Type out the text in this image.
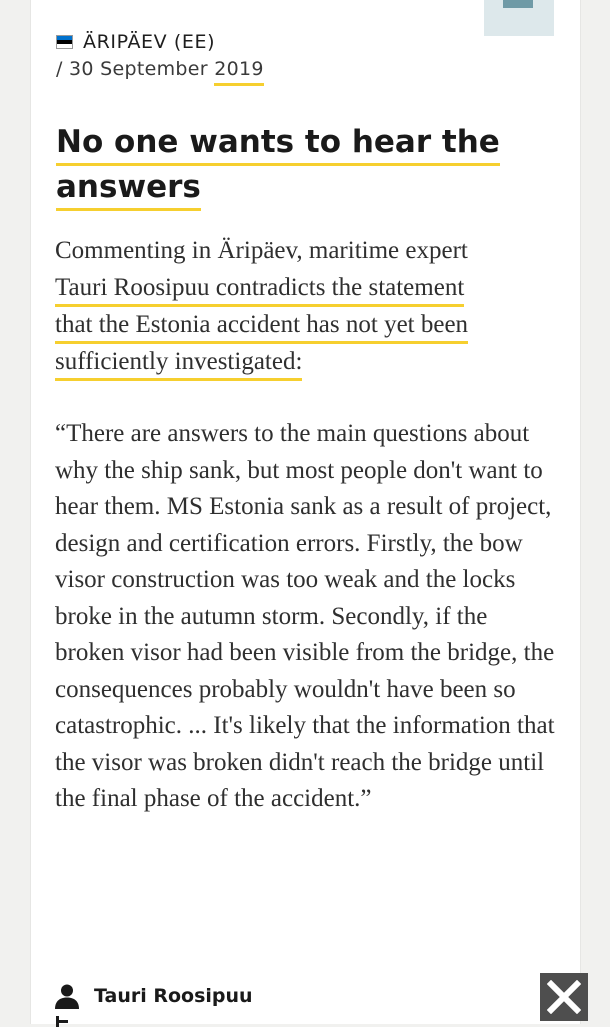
ÄRIPÄEV (EE)
/ 30 September 2019
No one wants to hear the
answers

Commenting in Äripäev, maritime expert
Tauri Roosipuu contradicts the statement
that the Estonia accident has not yet been
sufficiently investigated:

“There are answers to the main questions about why the ship sank, but most people don't want to hear them. MS Estonia sank as a result of project, design and certification errors. Firstly, the bow visor construction was too weak and the locks broke in the autumn storm. Secondly, if the broken visor had been visible from the bridge, the consequences probably wouldn't have been so catastrophic. ... It's likely that the information that the visor was broken didn't reach the bridge until the final phase of the accident.”

Tauri Roosipuu
